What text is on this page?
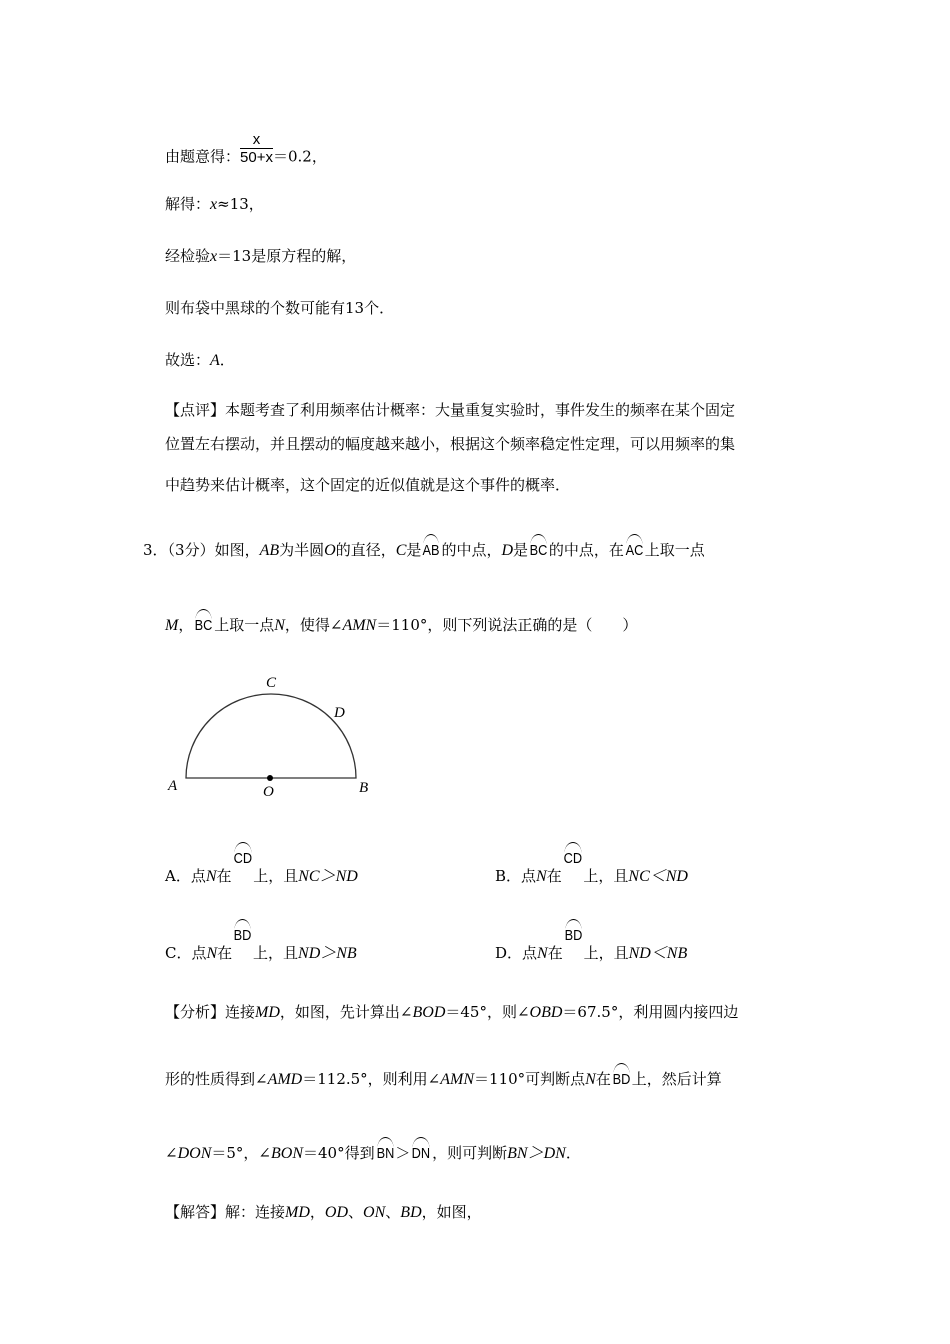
由题意得： $\frac{x}{50+x} =0.2$，
解得：x≈13，
经检验x＝13是原方程的解，
则布袋中黑球的个数可能有13个．
故选：A．
【点评】本题考查了利用频率估计概率：大量重复实验时，事件发生的频率在某个固定
位置左右摆动，并且摆动的幅度越来越小，根据这个频率稳定性定理，可以用频率的集
中趋势来估计概率，这个固定的近似值就是这个事件的概率．
3．（3分）如图，AB为半圆O的直径，C是 AB 的中点，D是 BC 的中点，在 AC 上取一点
M， BC 上取一点N，使得∠AMN＝110°，则下列说法正确的是（　　）
A	B
C
D
O
A．点N在CD上，且NC＞ND	B．点N在CD上，且NC＜ND
C．点N在BD上，且ND＞NB	D．点N在BD上，且ND＜NB
【分析】连接MD，如图，先计算出∠BOD＝45°，则∠OBD＝67.5°，利用圆内接四边
形的性质得到∠AMD＝112.5°，则利用∠AMN＝110°可判断点N在 BD 上，然后计算
∠DON＝5°，∠BON＝40°得到 BN ＞ DN ，则可判断BN＞DN．
【解答】解：连接MD，OD、ON、BD，如图，
